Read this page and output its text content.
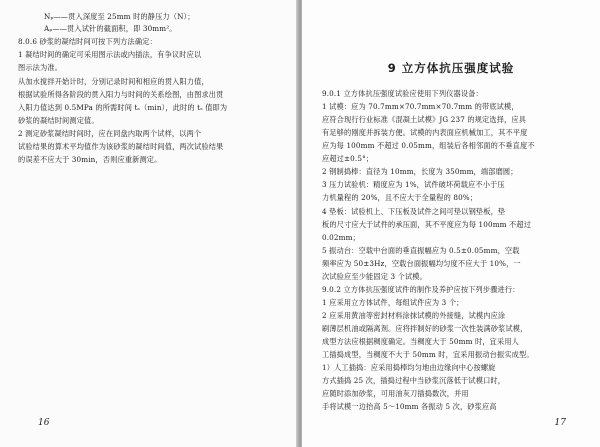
Nₚ——贯入深度至 25mm 时的静压力（N）；
Aₚ——贯入试针的截面积，即 30mm²。
8.0.6 砂浆的凝结时间可按下列方法确定：
1 凝结时间的确定可采用图示法或内插法，有争议时应以
图示法为准。
从加水搅拌开始计时，分别记录时间和相应的贯入阳力值，
根据试验所得各阶段的贯入阳力与时间的关系绘图，由图求出贯
入阳力值达到 0.5MPa 的所需时间 tₛ（min），此时的 tₛ 值即为
砂浆的凝结时间测定值。
2 测定砂浆凝结时间时，应在同盘内取两个试样，以两个
试验结果的算术平均值作为该砂浆的凝结时间值，两次试验结果
的误差不应大于 30min，否则应重新测定。
16
9 立方体抗压强度试验
9.0.1 立方体抗压强度试验应使用下列仪器设备：
1 试模：应为 70.7mm×70.7mm×70.7mm 的带底试模，
应符合现行行业标准《混凝土试模》JG 237 的规定选择，应具
有足够的刚度并拆装方便。试模的内表面应机械加工，其不平度
应为每 100mm 不超过 0.05mm，组装后各相邻面的不垂直度不
应超过±0.5°；
2 钢制捣棒：直径为 10mm，长度为 350mm，端部磨圆；
3 压力试验机：精度应为 1%，试件破坏荷载应不小于压
力机量程的 20%，且不应大于全量程的 80%；
4 垫板：试验机上、下压板及试件之间可垫以钢垫板，垫
板的尺寸应大于试件的承压面，其不平度应为每 100mm 不超过
0.02mm；
5 振动台：空载中台面的垂直振幅应为 0.5±0.05mm，空载
频率应为 50±3Hz，空载台面振幅均匀度不应大于 10%，一
次试验应至少能固定 3 个试模。
9.0.2 立方体抗压强度试件的制作及养护应按下列步骤进行：
1 应采用立方体试件，每组试件应为 3 个；
2 应采用黄油等密封材料涂抹试模的外接缝，试模内应涂
刷薄层机油或隔离剂。应将拌制好的砂浆一次性装满砂浆试模，
成型方法应根据稠度确定。当稠度大于 50mm 时，宜采用人
工插捣成型，当稠度不大于 50mm 时，宜采用振动台振实成型。
1）人工插捣：应采用捣棒均匀地由边缘向中心按螺旋
方式插捣 25 次，插捣过程中当砂浆沉落低于试模口时，
应随时添加砂浆，可用油灰刀插捣数次，并用
手将试模一边抬高 5～10mm 各振动 5 次，砂浆应高
17
